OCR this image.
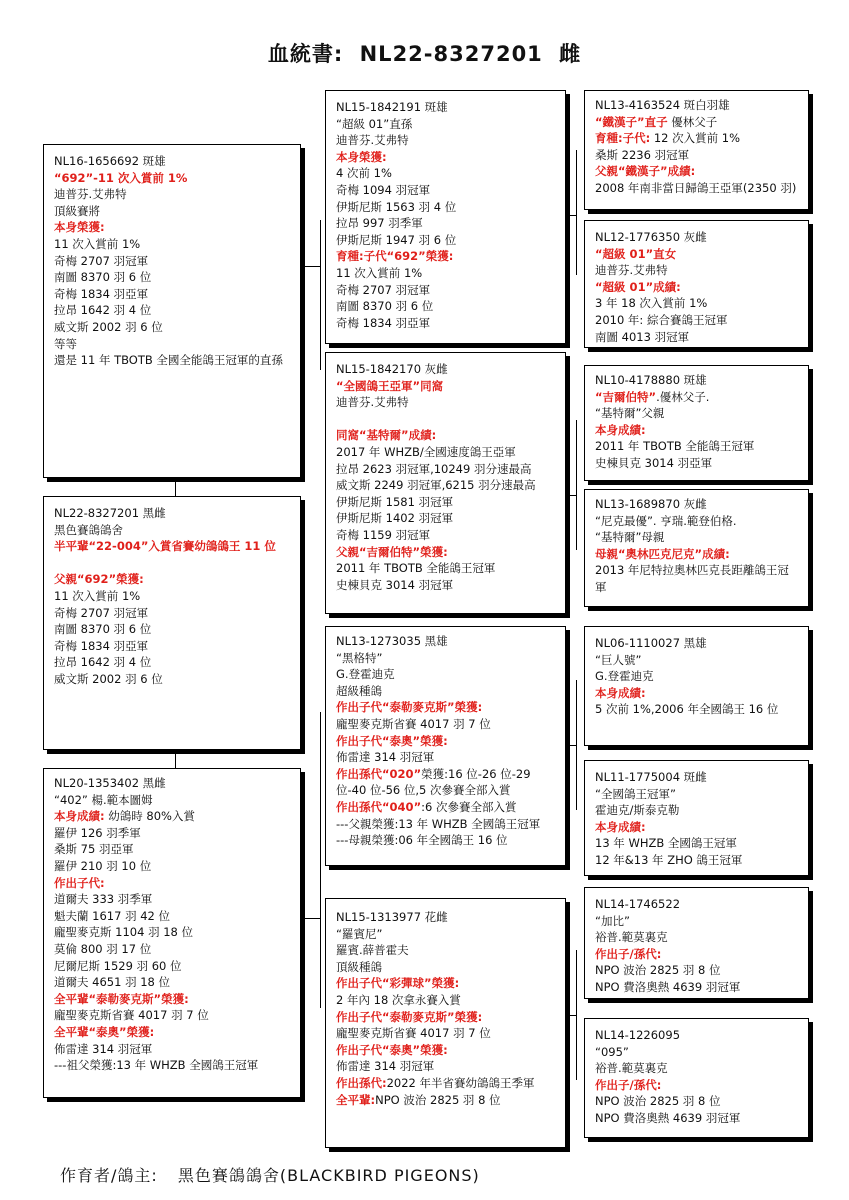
血統書: NL22-8327201 雌
NL16-1656692 斑雄
“692”-11 次入賞前 1%
迪普芬.艾弗特
頂級賽將
本身榮獲:
11 次入賞前 1%
奇梅 2707 羽冠軍
南圖 8370 羽 6 位
奇梅 1834 羽亞軍
拉昂 1642 羽 4 位
威文斯 2002 羽 6 位
等等
還是 11 年 TBOTB 全國全能鴿王冠軍的直孫
NL22-8327201 黑雌
黑色賽鴿鴿舍
半平輩“22-004”入賞省賽幼鴿鴿王 11 位

父親“692”榮獲:
11 次入賞前 1%
奇梅 2707 羽冠軍
南圖 8370 羽 6 位
奇梅 1834 羽亞軍
拉昂 1642 羽 4 位
威文斯 2002 羽 6 位
NL20-1353402 黑雌
“402” 楊.範本圖姆
本身成績: 幼鴿時 80%入賞
羅伊 126 羽季軍
桑斯 75 羽亞軍
羅伊 210 羽 10 位
作出子代:
道爾夫 333 羽季軍
魁夫蘭 1617 羽 42 位
龐聖麥克斯 1104 羽 18 位
莫倫 800 羽 17 位
尼爾尼斯 1529 羽 60 位
道爾夫 4651 羽 18 位
全平輩“泰勒麥克斯”榮獲:
龐聖麥克斯省賽 4017 羽 7 位
全平輩“泰奧”榮獲:
佈雷達 314 羽冠軍
---祖父榮獲:13 年 WHZB 全國鴿王冠軍
NL15-1842191 斑雄
“超級 01”直孫
迪普芬.艾弗特
本身榮獲:
4 次前 1%
奇梅 1094 羽冠軍
伊斯尼斯 1563 羽 4 位
拉昂 997 羽季軍
伊斯尼斯 1947 羽 6 位
育種:子代“692”榮獲:
11 次入賞前 1%
奇梅 2707 羽冠軍
南圖 8370 羽 6 位
奇梅 1834 羽亞軍
NL15-1842170 灰雌
“全國鴿王亞軍”同窩
迪普芬.艾弗特

同窩“基特爾”成績:
2017 年 WHZB/全國速度鴿王亞軍
拉昂 2623 羽冠軍,10249 羽分速最高
威文斯 2249 羽冠軍,6215 羽分速最高
伊斯尼斯 1581 羽冠軍
伊斯尼斯 1402 羽冠軍
奇梅 1159 羽冠軍
父親“吉爾伯特”榮獲:
2011 年 TBOTB 全能鴿王冠軍
史棟貝克 3014 羽冠軍
NL13-1273035 黑雄
“黑格特”
G.登霍迪克
超級種鴿
作出子代“泰勒麥克斯”榮獲:
龐聖麥克斯省賽 4017 羽 7 位
作出子代“泰奧”榮獲:
佈雷達 314 羽冠軍
作出孫代“020”榮獲:16 位-26 位-29
位-40 位-56 位,5 次參賽全部入賞
作出孫代“040”:6 次參賽全部入賞
---父親榮獲:13 年 WHZB 全國鴿王冠軍
---母親榮獲:06 年全國鴿王 16 位
NL15-1313977 花雌
“羅賓尼”
羅賓.薛普霍夫
頂級種鴿
作出子代“彩彈球”榮獲:
2 年內 18 次拿永賽入賞
作出子代“泰勒麥克斯”榮獲:
龐聖麥克斯省賽 4017 羽 7 位
作出子代“泰奧”榮獲:
佈雷達 314 羽冠軍
作出孫代:2022 年半省賽幼鴿鴿王季軍
全平輩:NPO 波治 2825 羽 8 位
NL13-4163524 斑白羽雄
“鐵漢子”直子 優林父子
育種:子代: 12 次入賞前 1%
桑斯 2236 羽冠軍
父親“鐵漢子”成績:
2008 年南非當日歸鴿王亞軍(2350 羽)
NL12-1776350 灰雌
“超級 01”直女
迪普芬.艾弗特
“超級 01”成績:
3 年 18 次入賞前 1%
2010 年: 綜合賽鴿王冠軍
南圖 4013 羽冠軍
NL10-4178880 斑雄
“吉爾伯特”.優林父子.
“基特爾”父親
本身成績:
2011 年 TBOTB 全能鴿王冠軍
史棟貝克 3014 羽亞軍
NL13-1689870 灰雌
“尼克最優”. 亨瑞.範登伯格.
“基特爾”母親
母親“奧林匹克尼克”成績:
2013 年尼特拉奧林匹克長距離鴿王冠軍
NL06-1110027 黑雄
“巨人號”
G.登霍迪克
本身成績:
5 次前 1%,2006 年全國鴿王 16 位
NL11-1775004 斑雌
“全國鴿王冠軍”
霍迪克/斯泰克勒
本身成績:
13 年 WHZB 全國鴿王冠軍
12 年&13 年 ZHO 鴿王冠軍
NL14-1746522
“加比”
裕普.範莫裏克
作出子/孫代:
NPO 波治 2825 羽 8 位
NPO 費洛奧熱 4639 羽冠軍
NL14-1226095
“095”
裕普.範莫裏克
作出子/孫代:
NPO 波治 2825 羽 8 位
NPO 費洛奧熱 4639 羽冠軍
作育者/鴿主: 黑色賽鴿鴿舍(BLACKBIRD PIGEONS)
